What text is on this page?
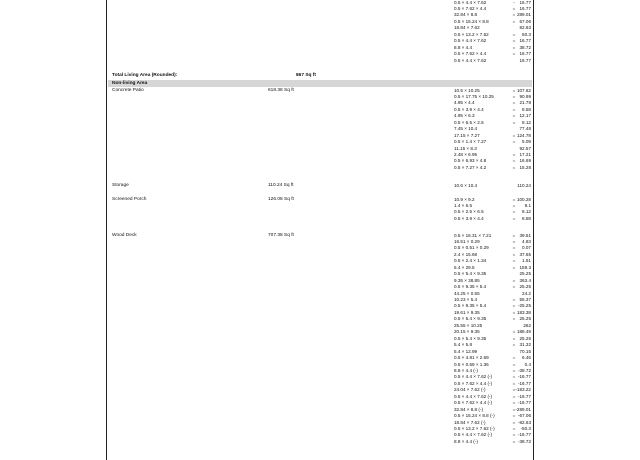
0.5 × 4.4 × 7.62	-	16.77
0.5 × 7.62 × 4.4	= 16.77
32.84 × 8.8	= 289.01
0.5 × 15.24 × 8.8	= 67.06
18.84 × 7.62	82.63
0.5 × 13.2 × 7.62	=	50.3
0.5 × 4.4 × 7.62	= 16.77
8.8 × 4.4	= 38.72
0.5 × 7.62 × 4.4	= 16.77
0.5 × 4.4 × 7.62	16.77
Total Living Area (Rounded):	867 Sq ft
Non-living Area
Concrete Patio	618.38 Sq ft	10.5 × 10.25	= 107.62
0.5 × 17.75 × 10.25	= 90.99
4.95 × 4.4	= 21.78
0.5 × 3.9 × 4.4	=	8.58
4.95 × 6.3	= 12.17
0.5 × 6.5 × 2.5	=	8.12
7.45 × 10.4	77.48
17.15 × 7.27	= 124.78
0.5 × 1.4 × 7.27	=	5.09
11.15 × 8.3	92.57
2.48 × 6.95	= 17.21
0.5 × 6.93 × 4.8	= 16.69
0.5 × 7.27 × 4.2	= 15.28
Storage	110.24 Sq ft	10.6 × 10.4	110.24
Screened Porch	126.08 Sq ft	10.9 × 9.2	= 100.28
1.4 × 6.5	=	9.1
0.5 × 2.5 × 6.5	=	8.12
0.5 × 3.9 × 4.4	=	8.58
Wood Deck	707.38 Sq ft	0.5 × 16.31 × 7.21	= 39.51
16.51 × 0.29	=	4.83
0.5 × 0.51 × 0.29	=	0.07
2.4 × 15.68	= 37.65
0.5 × 2.4 × 1.34	=	1.61
5.4 × 29.5	= 159.3
0.5 × 5.4 × 9.35	25.25
9.35 × 38.85	= 363.4
0.5 × 9.35 × 5.4	= 25.25
44.25 × 0.55	24.2
10.23 × 5.4	= 55.37
0.5 × 9.35 × 5.4	= -25.25
19.61 × 9.35	= 183.38
0.5 × 5.4 × 9.35	= 25.25
25.55 × 10.25	262
20.15 × 9.35	= 188.49
0.5 × 5.4 × 9.35	= 25.25
5.4 × 5.8	= 31.32
5.4 × 12.99	70.15
0.5 × 4.81 × 2.69	=	6.46
0.5 × 0.59 × 1.36	=	0.4
8.8 × 4.4 (-)	= -38.72
0.5 × 4.4 × 7.62 (-)	= -16.77
0.5 × 7.62 × 4.4 (-)	= -16.77
24.04 × 7.62 (-)	= -183.22
0.5 × 4.4 × 7.62 (-)	= -16.77
0.5 × 7.62 × 4.4 (-)	= -16.77
32.84 × 8.8 (-)	= -289.01
0.5 × 15.24 × 8.8 (-)	= -67.06
18.84 × 7.62 (-)	= -82.63
0.5 × 13.2 × 7.62 (-)	=	-50.3
0.5 × 4.4 × 7.62 (-)	= -16.77
8.8 × 4.4 (-)	= -38.72
